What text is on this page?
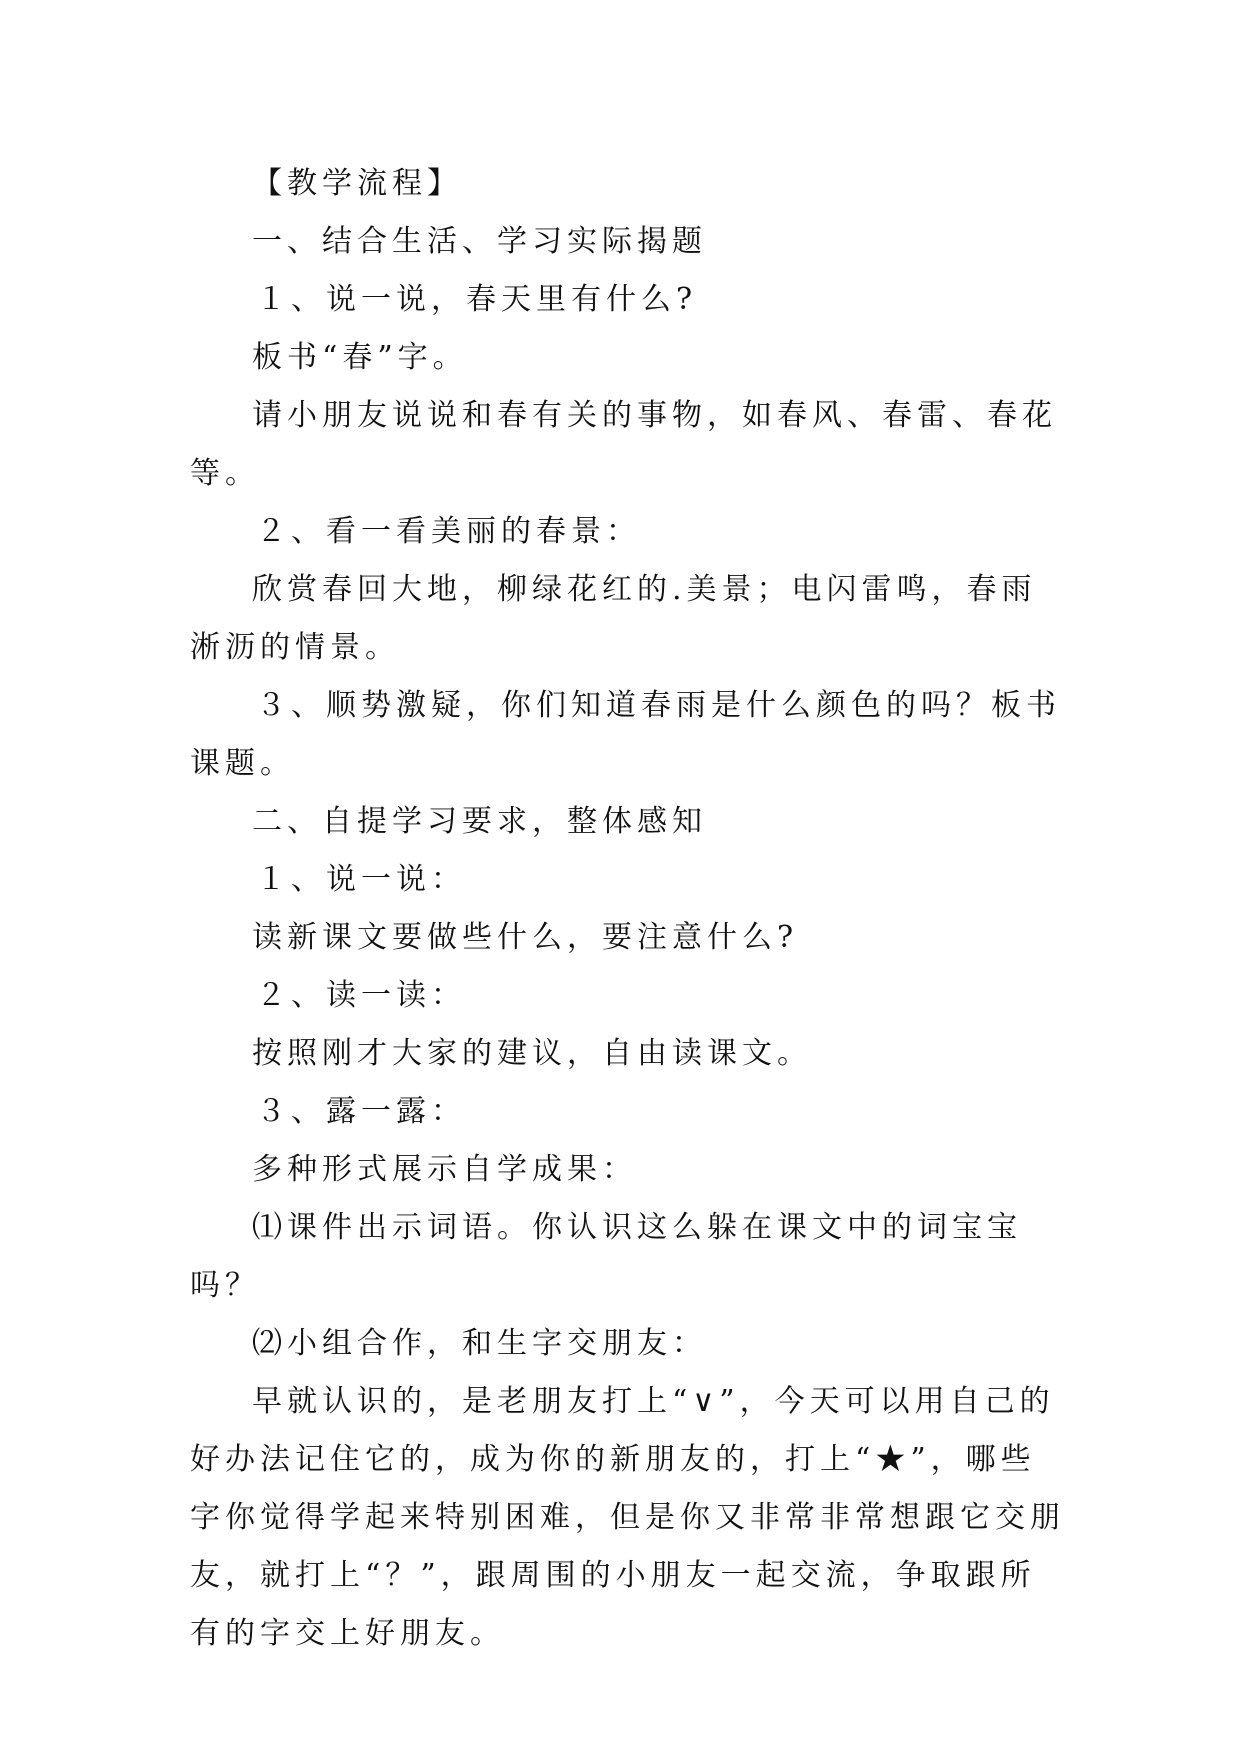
【教学流程】

一、结合生活、学习实际揭题

１、说一说，春天里有什么?

板书“春”字。

请小朋友说说和春有关的事物，如春风、春雷、春花等。

２、看一看美丽的春景：

欣赏春回大地，柳绿花红的.美景；电闪雷鸣，春雨淅沥的情景。

３、顺势激疑，你们知道春雨是什么颜色的吗？板书课题。

二、自提学习要求，整体感知

１、说一说：

读新课文要做些什么，要注意什么?

２、读一读：

按照刚才大家的建议，自由读课文。

３、露一露：

多种形式展示自学成果：

⑴课件出示词语。你认识这么躲在课文中的词宝宝吗？

⑵小组合作，和生字交朋友：

早就认识的，是老朋友打上“∨”，今天可以用自己的好办法记住它的，成为你的新朋友的，打上“★”，哪些字你觉得学起来特别困难，但是你又非常非常想跟它交朋友，就打上“？”，跟周围的小朋友一起交流，争取跟所有的字交上好朋友。
